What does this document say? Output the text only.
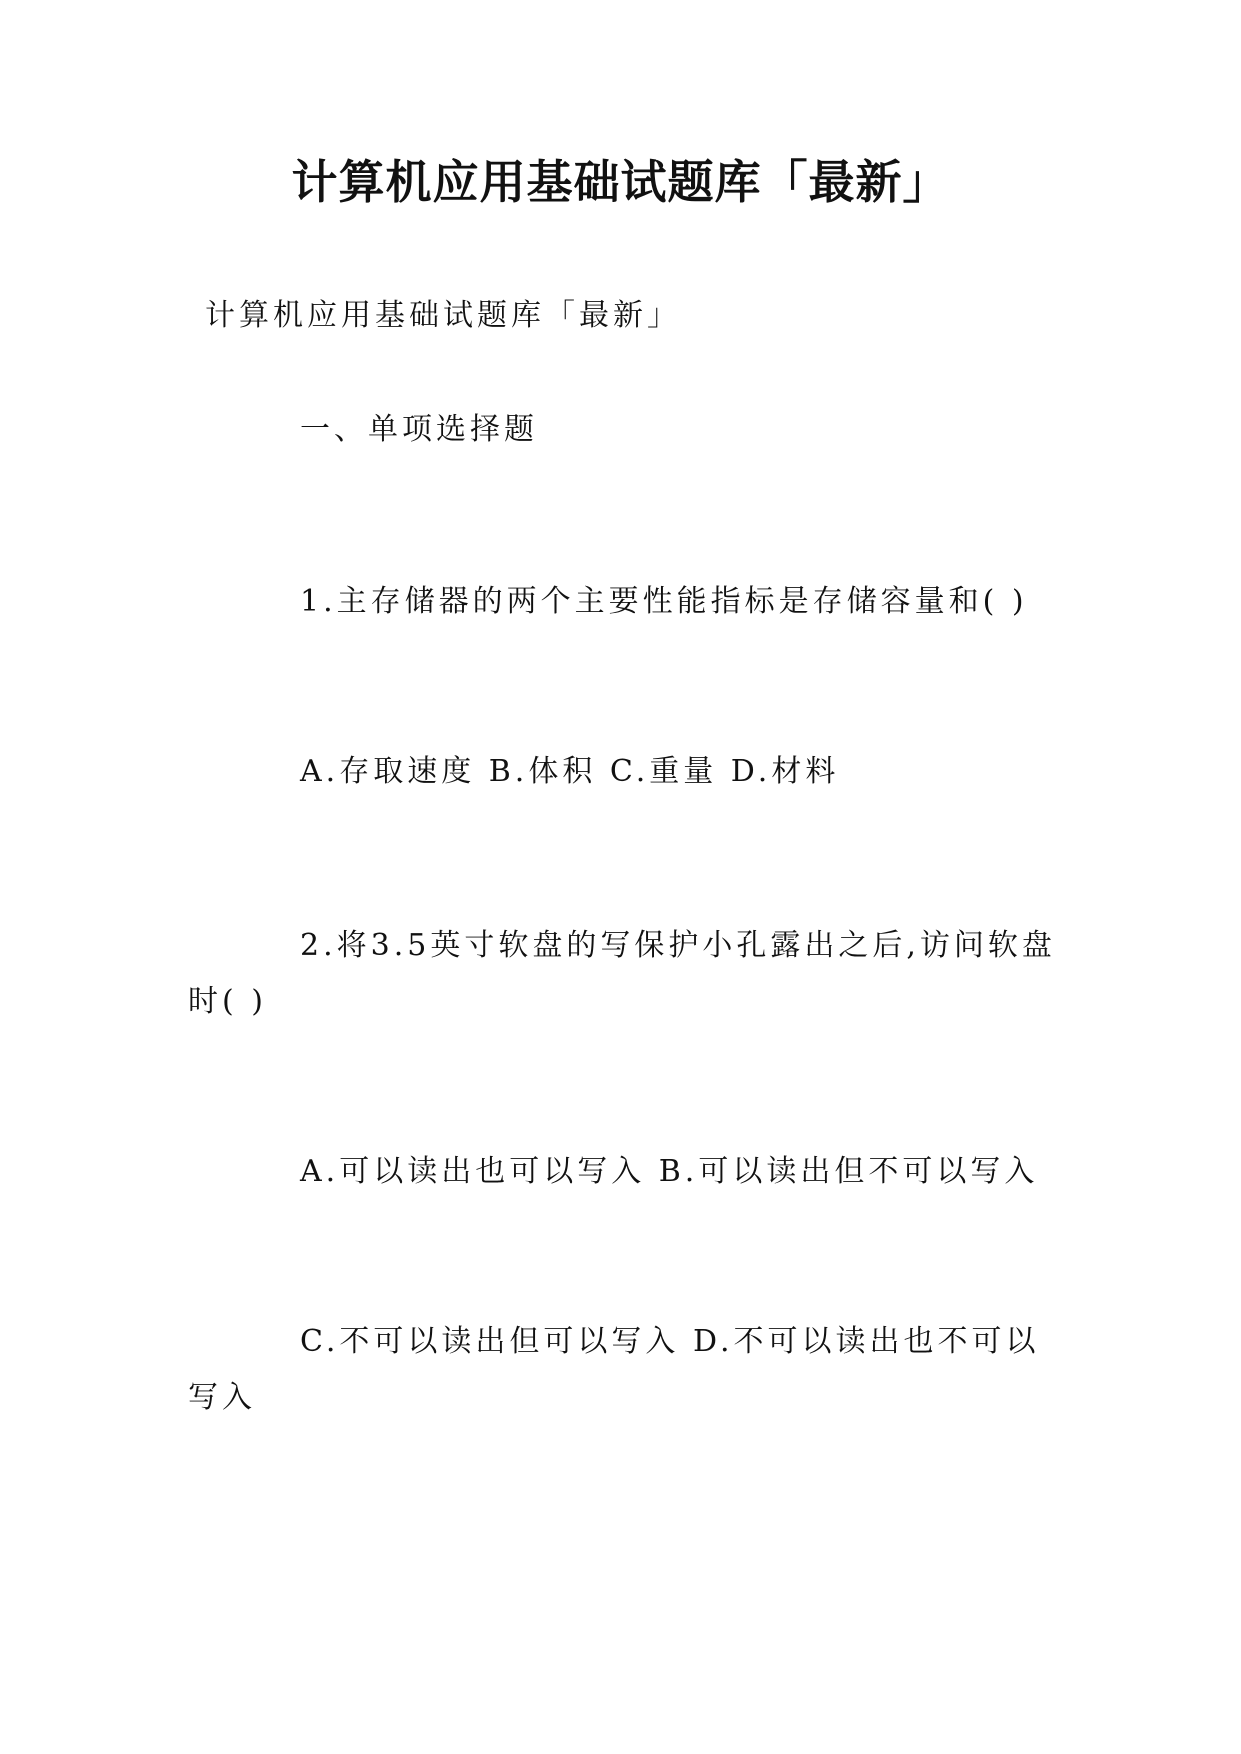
计算机应用基础试题库「最新」

计算机应用基础试题库「最新」

一、单项选择题

1.主存储器的两个主要性能指标是存储容量和( )

A.存取速度 B.体积 C.重量 D.材料

2.将3.5英寸软盘的写保护小孔露出之后,访问软盘时( )

A.可以读出也可以写入 B.可以读出但不可以写入

C.不可以读出但可以写入 D.不可以读出也不可以写入
